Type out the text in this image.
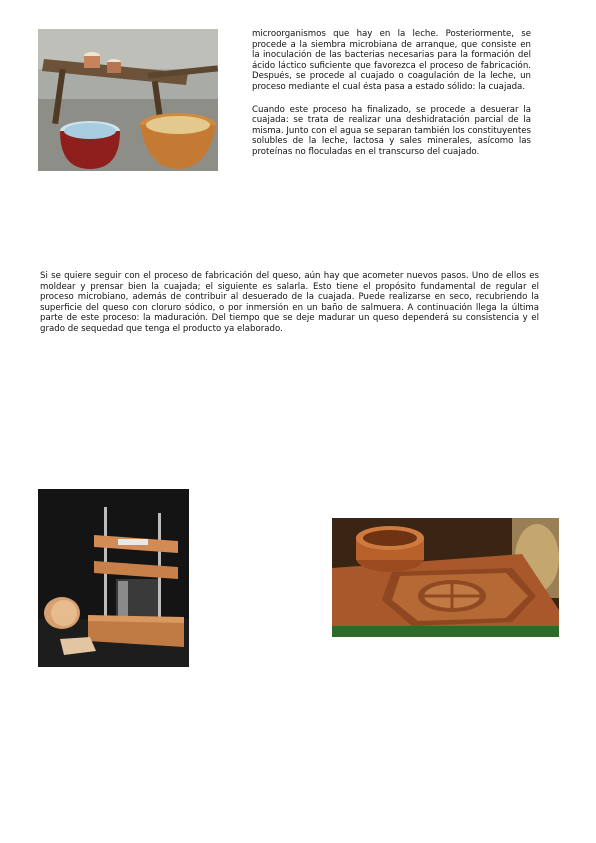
microorganismos que hay en la leche. Posteriormente, se procede a la siembra microbiana de arranque, que consiste en la inoculación de las bacterias necesarias para la formación del ácido láctico suficiente que favorezca el proceso de fabricación. Después, se procede al cuajado o coagulación de la leche, un proceso mediante el cual ésta pasa a estado sólido: la cuajada.

Cuando este proceso ha finalizado, se procede a desuerar la cuajada: se trata de realizar una deshidratación parcial de la misma. Junto con el agua se separan también los constituyentes solubles de la leche, lactosa y sales minerales, asícomo las proteínas no floculadas en el transcurso del cuajado.

Si se quiere seguir con el proceso de fabricación del queso, aún hay que acometer nuevos pasos. Uno de ellos es moldear y prensar bien la cuajada; el siguiente es salarla. Esto tiene el propósito fundamental de regular el proceso microbiano, además de contribuir al desuerado de la cuajada. Puede realizarse en seco, recubriendo la superficie del queso con cloruro sódico, o por inmersión en un baño de salmuera. A continuación llega la última parte de este proceso: la maduración. Del tiempo que se deje madurar un queso dependerá su consistencia y el grado de sequedad que tenga el producto ya elaborado.
